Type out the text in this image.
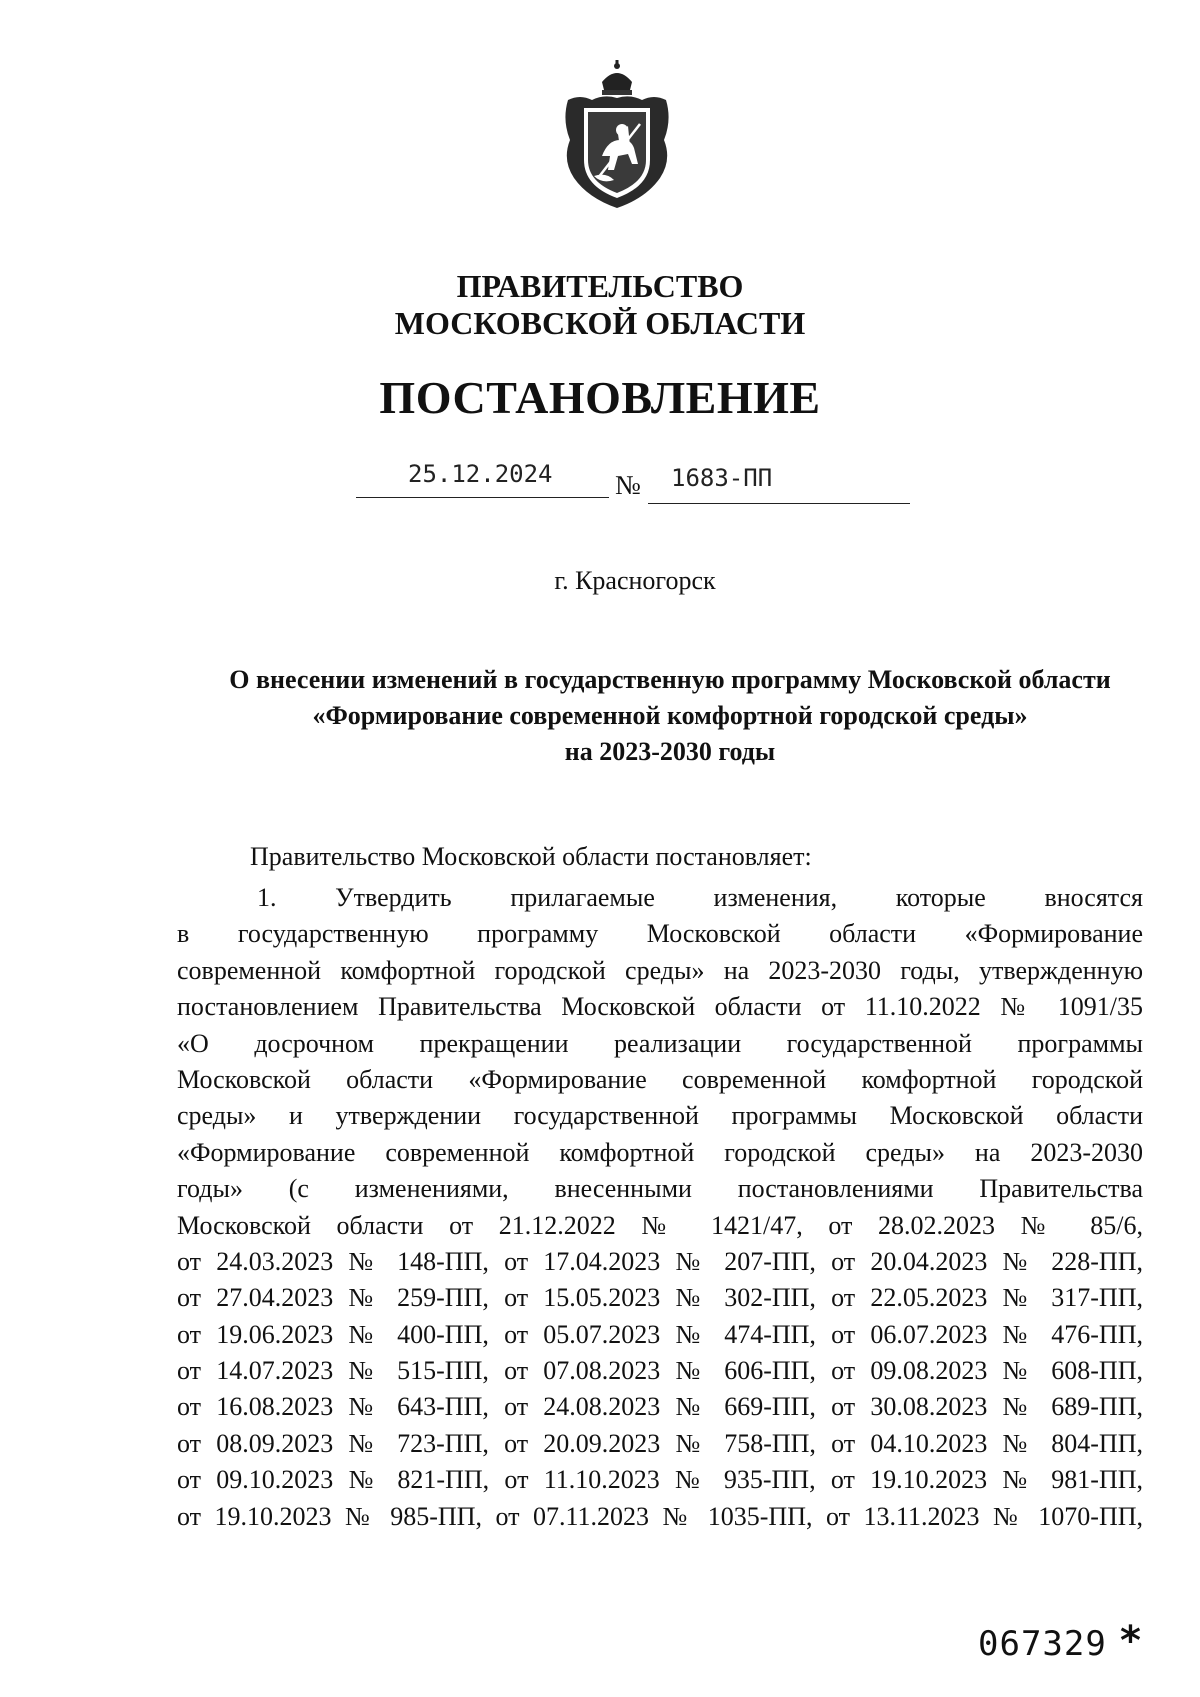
ПРАВИТЕЛЬСТВО
МОСКОВСКОЙ ОБЛАСТИ
ПОСТАНОВЛЕНИЕ
25.12.2024 № 1683-ПП
г. Красногорск
О внесении изменений в государственную программу Московской области
«Формирование современной комфортной городской среды»
на 2023-2030 годы
Правительство Московской области постановляет:
1. Утвердить прилагаемые изменения, которые вносятся
в государственную программу Московской области «Формирование
современной комфортной городской среды» на 2023-2030 годы, утвержденную
постановлением Правительства Московской области от 11.10.2022 № 1091/35
«О досрочном прекращении реализации государственной программы
Московской области «Формирование современной комфортной городской
среды» и утверждении государственной программы Московской области
«Формирование современной комфортной городской среды» на 2023-2030
годы» (с изменениями, внесенными постановлениями Правительства
Московской области от 21.12.2022 № 1421/47, от 28.02.2023 № 85/6,
от 24.03.2023 № 148-ПП, от 17.04.2023 № 207-ПП, от 20.04.2023 № 228-ПП,
от 27.04.2023 № 259-ПП, от 15.05.2023 № 302-ПП, от 22.05.2023 № 317-ПП,
от 19.06.2023 № 400-ПП, от 05.07.2023 № 474-ПП, от 06.07.2023 № 476-ПП,
от 14.07.2023 № 515-ПП, от 07.08.2023 № 606-ПП, от 09.08.2023 № 608-ПП,
от 16.08.2023 № 643-ПП, от 24.08.2023 № 669-ПП, от 30.08.2023 № 689-ПП,
от 08.09.2023 № 723-ПП, от 20.09.2023 № 758-ПП, от 04.10.2023 № 804-ПП,
от 09.10.2023 № 821-ПП, от 11.10.2023 № 935-ПП, от 19.10.2023 № 981-ПП,
от 19.10.2023 № 985-ПП, от 07.11.2023 № 1035-ПП, от 13.11.2023 № 1070-ПП,
067329 *
